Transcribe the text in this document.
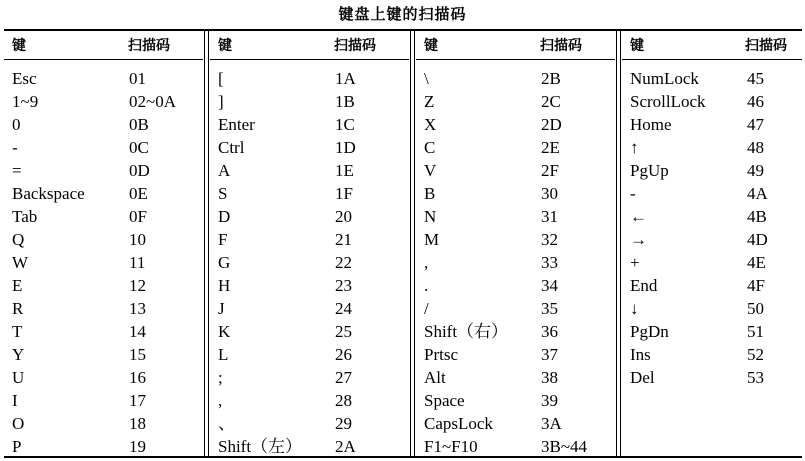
键盘上键的扫描码
键	扫描码
Esc	01
1~9	02~0A
0	0B
-	0C
=	0D
Backspace	0E
Tab	0F
Q	10
W	11
E	12
R	13
T	14
Y	15
U	16
I	17
O	18
P	19
键	扫描码
[	1A
]	1B
Enter	1C
Ctrl	1D
A	1E
S	1F
D	20
F	21
G	22
H	23
J	24
K	25
L	26
;	27
,	28
、	29
Shift（左） 2A
键	扫描码
\	2B
Z	2C
X	2D
C	2E
V	2F
B	30
N	31
M	32
,	33
.	34
/	35
Shift（右） 36
Prtsc	37
Alt	38
Space	39
CapsLock	3A
F1~F10	3B~44
键	扫描码
NumLock	45
ScrollLock 46
Home	47
↑	48
PgUp	49
-	4A
←	4B
→	4D
+	4E
End	4F
↓	50
PgDn	51
Ins	52
Del	53
